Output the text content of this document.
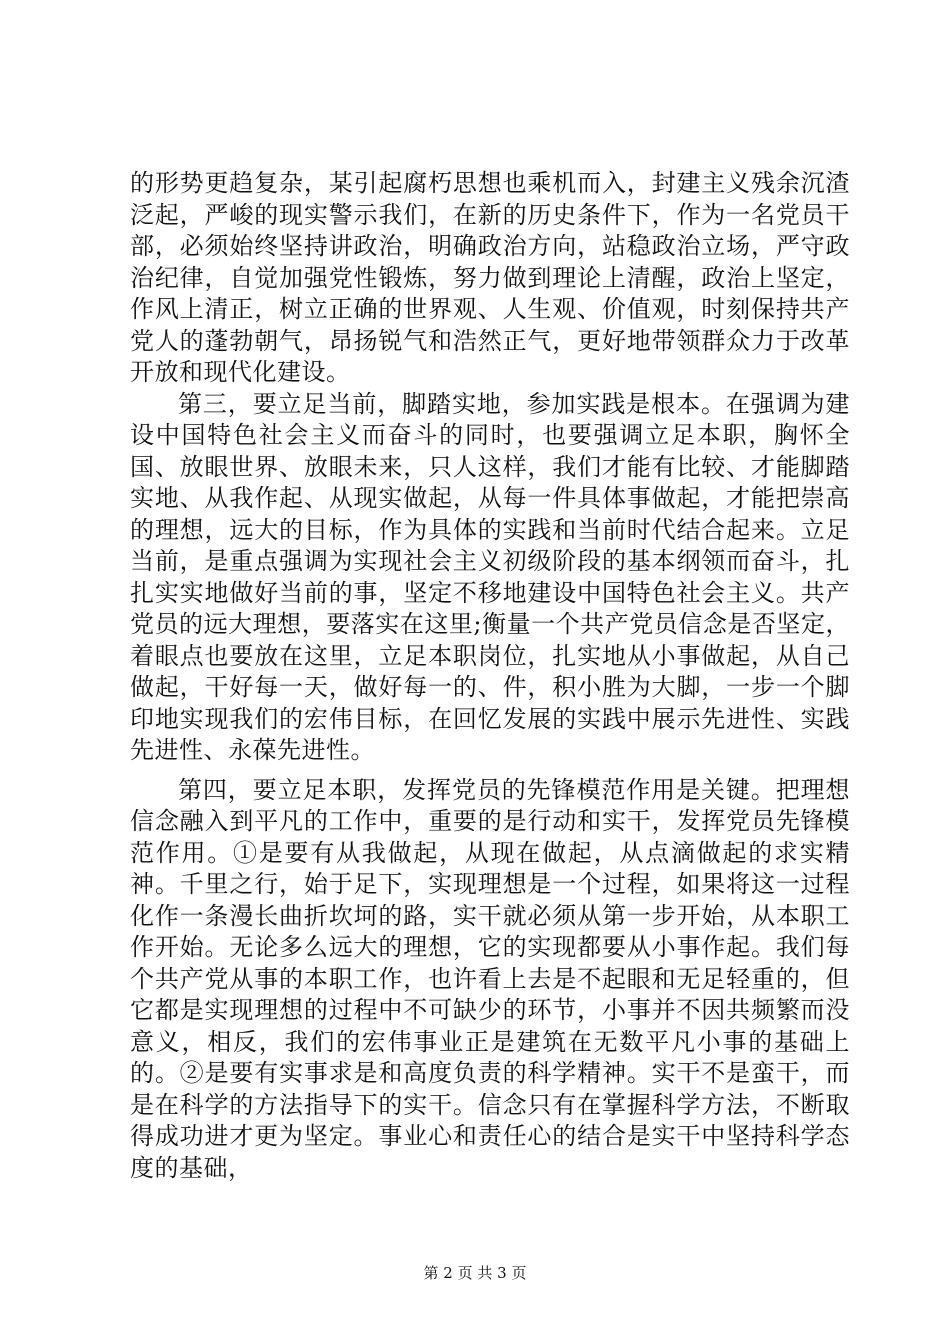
的形势更趋复杂，某引起腐朽思想也乘机而入，封建主义残余沉渣泛起，严峻的现实警示我们，在新的历史条件下，作为一名党员干部，必须始终坚持讲政治，明确政治方向，站稳政治立场，严守政治纪律，自觉加强党性锻炼，努力做到理论上清醒，政治上坚定，作风上清正，树立正确的世界观、人生观、价值观，时刻保持共产党人的蓬勃朝气，昂扬锐气和浩然正气，更好地带领群众力于改革开放和现代化建设。

第三，要立足当前，脚踏实地，参加实践是根本。在强调为建设中国特色社会主义而奋斗的同时，也要强调立足本职，胸怀全国、放眼世界、放眼未来，只人这样，我们才能有比较、才能脚踏实地、从我作起、从现实做起，从每一件具体事做起，才能把崇高的理想，远大的目标，作为具体的实践和当前时代结合起来。立足当前，是重点强调为实现社会主义初级阶段的基本纲领而奋斗，扎扎实实地做好当前的事，坚定不移地建设中国特色社会主义。共产党员的远大理想，要落实在这里;衡量一个共产党员信念是否坚定，着眼点也要放在这里，立足本职岗位，扎实地从小事做起，从自己做起，干好每一天，做好每一的、件，积小胜为大脚，一步一个脚印地实现我们的宏伟目标，在回忆发展的实践中展示先进性、实践先进性、永葆先进性。

第四，要立足本职，发挥党员的先锋模范作用是关键。把理想信念融入到平凡的工作中，重要的是行动和实干，发挥党员先锋模范作用。①是要有从我做起，从现在做起，从点滴做起的求实精神。千里之行，始于足下，实现理想是一个过程，如果将这一过程化作一条漫长曲折坎坷的路，实干就必须从第一步开始，从本职工作开始。无论多么远大的理想，它的实现都要从小事作起。我们每个共产党从事的本职工作，也许看上去是不起眼和无足轻重的，但它都是实现理想的过程中不可缺少的环节，小事并不因共频繁而没意义，相反，我们的宏伟事业正是建筑在无数平凡小事的基础上的。②是要有实事求是和高度负责的科学精神。实干不是蛮干，而是在科学的方法指导下的实干。信念只有在掌握科学方法，不断取得成功进才更为坚定。事业心和责任心的结合是实干中坚持科学态度的基础，

第 2 页 共 3 页
